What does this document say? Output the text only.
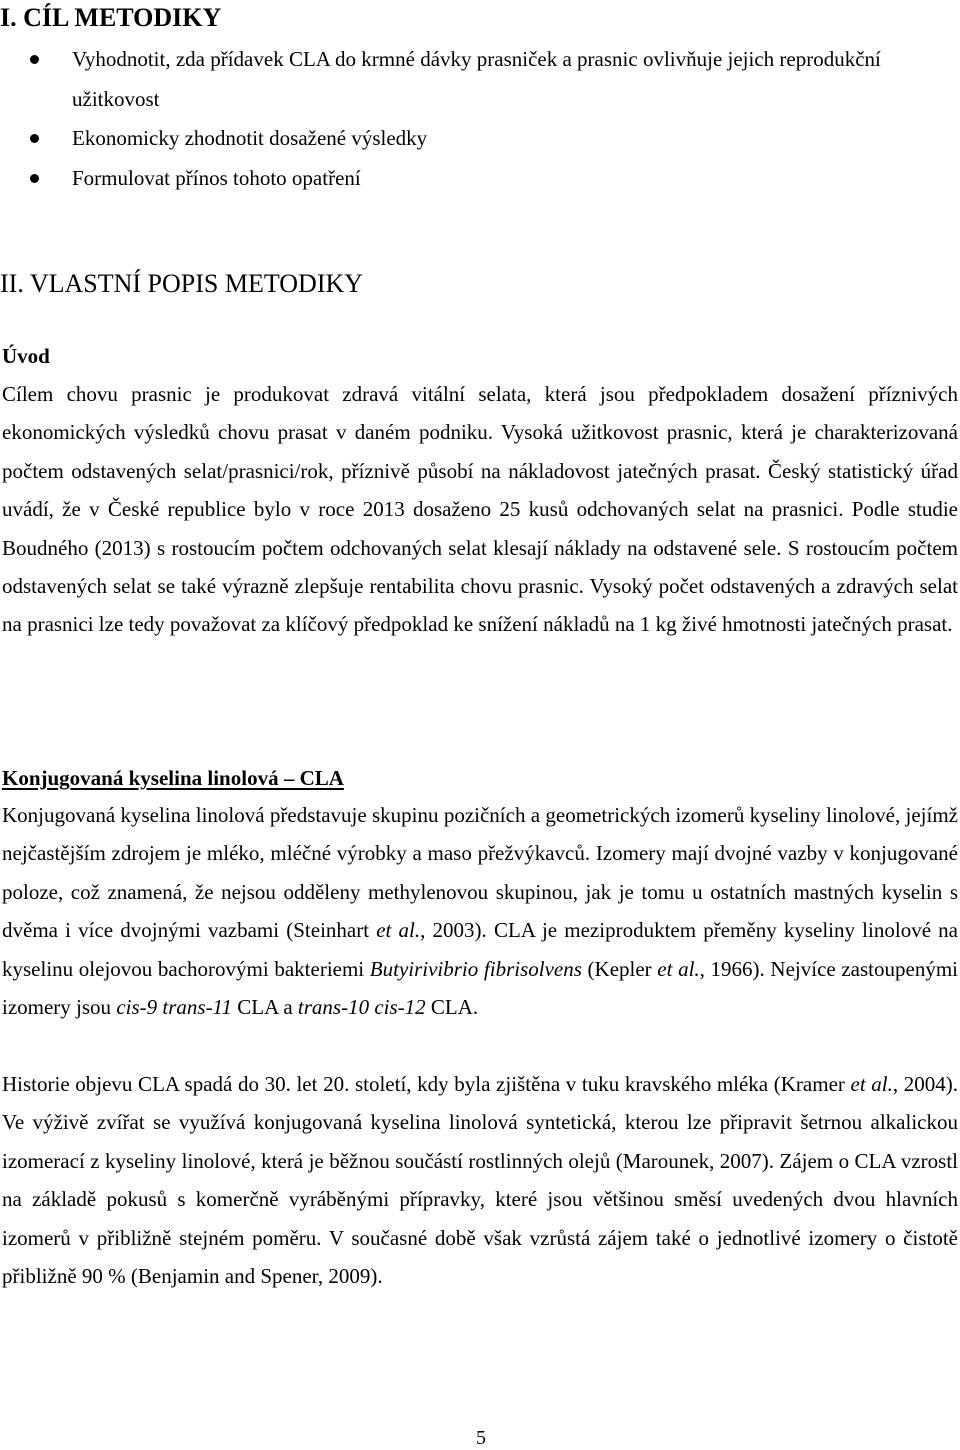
I. CÍL METODIKY
Vyhodnotit, zda přídavek CLA do krmné dávky prasniček a prasnic ovlivňuje jejich reprodukční užitkovost
Ekonomicky zhodnotit dosažené výsledky
Formulovat přínos tohoto opatření
II. VLASTNÍ POPIS METODIKY
Úvod

Cílem chovu prasnic je produkovat zdravá vitální selata, která jsou předpokladem dosažení příznivých ekonomických výsledků chovu prasat v daném podniku. Vysoká užitkovost prasnic, která je charakterizovaná počtem odstavených selat/prasnici/rok, příznivě působí na nákladovost jatečných prasat. Český statistický úřad uvádí, že v České republice bylo v roce 2013 dosaženo 25 kusů odchovaných selat na prasnici. Podle studie Boudného (2013) s rostoucím počtem odchovaných selat klesají náklady na odstavené sele. S rostoucím počtem odstavených selat se také výrazně zlepšuje rentabilita chovu prasnic. Vysoký počet odstavených a zdravých selat na prasnici lze tedy považovat za klíčový předpoklad ke snížení nákladů na 1 kg živé hmotnosti jatečných prasat.

Konjugovaná kyselina linolová – CLA

Konjugovaná kyselina linolová představuje skupinu pozičních a geometrických izomerů kyseliny linolové, jejímž nejčastějším zdrojem je mléko, mléčné výrobky a maso přežvýkavců. Izomery mají dvojné vazby v konjugované poloze, což znamená, že nejsou odděleny methylenovou skupinou, jak je tomu u ostatních mastných kyselin s dvěma i více dvojnými vazbami (Steinhart et al., 2003). CLA je meziproduktem přeměny kyseliny linolové na kyselinu olejovou bachorovými bakteriemi Butyirivibrio fibrisolvens (Kepler et al., 1966). Nejvíce zastoupenými izomery jsou cis-9 trans-11 CLA a trans-10 cis-12 CLA.

Historie objevu CLA spadá do 30. let 20. století, kdy byla zjištěna v tuku kravského mléka (Kramer et al., 2004). Ve výživě zvířat se využívá konjugovaná kyselina linolová syntetická, kterou lze připravit šetrnou alkalickou izomerací z kyseliny linolové, která je běžnou součástí rostlinných olejů (Marounek, 2007). Zájem o CLA vzrostl na základě pokusů s komerčně vyráběnými přípravky, které jsou většinou směsí uvedených dvou hlavních izomerů v přibližně stejném poměru. V současné době však vzrůstá zájem také o jednotlivé izomery o čistotě přibližně 90 % (Benjamin and Spener, 2009).

5
